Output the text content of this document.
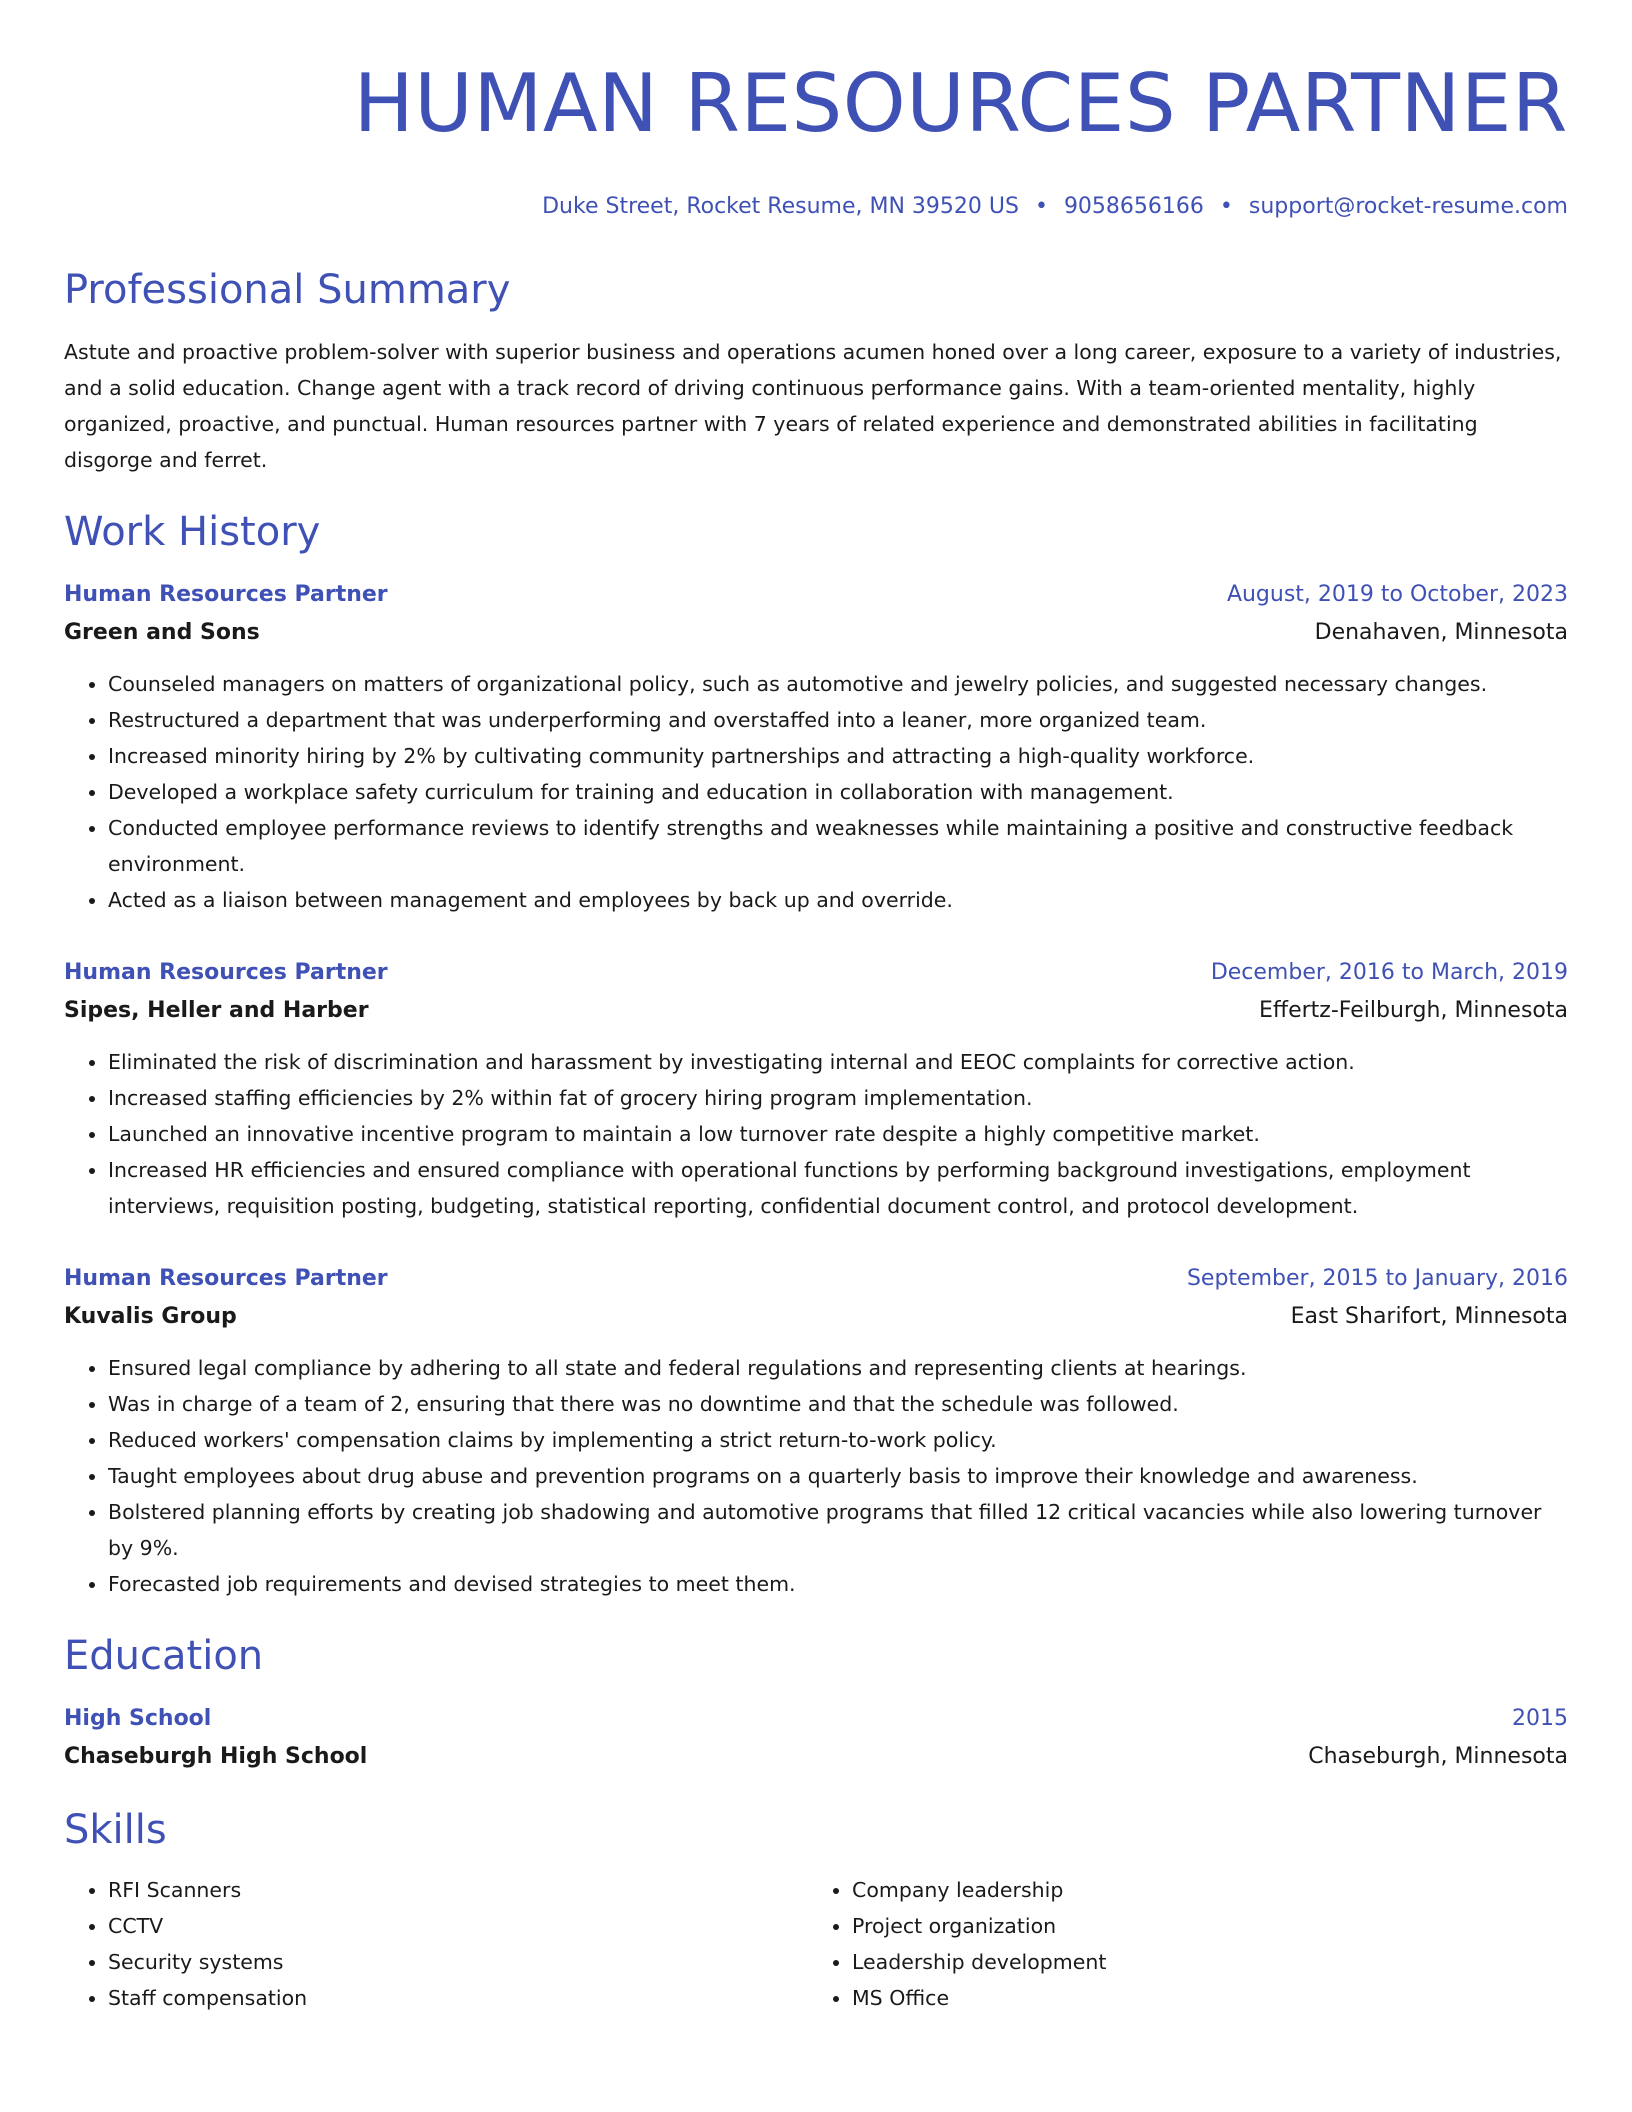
HUMAN RESOURCES PARTNER
Duke Street, Rocket Resume, MN 39520 US • 9058656166 • support@rocket-resume.com
Professional Summary
Astute and proactive problem-solver with superior business and operations acumen honed over a long career, exposure to a variety of industries, and a solid education. Change agent with a track record of driving continuous performance gains. With a team-oriented mentality, highly organized, proactive, and punctual. Human resources partner with 7 years of related experience and demonstrated abilities in facilitating disgorge and ferret.
Work History
Human Resources Partner	August, 2019 to October, 2023
Green and Sons	Denahaven, Minnesota
• Counseled managers on matters of organizational policy, such as automotive and jewelry policies, and suggested necessary changes.
• Restructured a department that was underperforming and overstaffed into a leaner, more organized team.
• Increased minority hiring by 2% by cultivating community partnerships and attracting a high-quality workforce.
• Developed a workplace safety curriculum for training and education in collaboration with management.
• Conducted employee performance reviews to identify strengths and weaknesses while maintaining a positive and constructive feedback environment.
• Acted as a liaison between management and employees by back up and override.
Human Resources Partner	December, 2016 to March, 2019
Sipes, Heller and Harber	Effertz-Feilburgh, Minnesota
• Eliminated the risk of discrimination and harassment by investigating internal and EEOC complaints for corrective action.
• Increased staffing efficiencies by 2% within fat of grocery hiring program implementation.
• Launched an innovative incentive program to maintain a low turnover rate despite a highly competitive market.
• Increased HR efficiencies and ensured compliance with operational functions by performing background investigations, employment interviews, requisition posting, budgeting, statistical reporting, confidential document control, and protocol development.
Human Resources Partner	September, 2015 to January, 2016
Kuvalis Group	East Sharifort, Minnesota
• Ensured legal compliance by adhering to all state and federal regulations and representing clients at hearings.
• Was in charge of a team of 2, ensuring that there was no downtime and that the schedule was followed.
• Reduced workers' compensation claims by implementing a strict return-to-work policy.
• Taught employees about drug abuse and prevention programs on a quarterly basis to improve their knowledge and awareness.
• Bolstered planning efforts by creating job shadowing and automotive programs that filled 12 critical vacancies while also lowering turnover by 9%.
• Forecasted job requirements and devised strategies to meet them.
Education
High School	2015
Chaseburgh High School	Chaseburgh, Minnesota
Skills
• RFI Scanners
• CCTV
• Security systems
• Staff compensation
• Company leadership
• Project organization
• Leadership development
• MS Office
